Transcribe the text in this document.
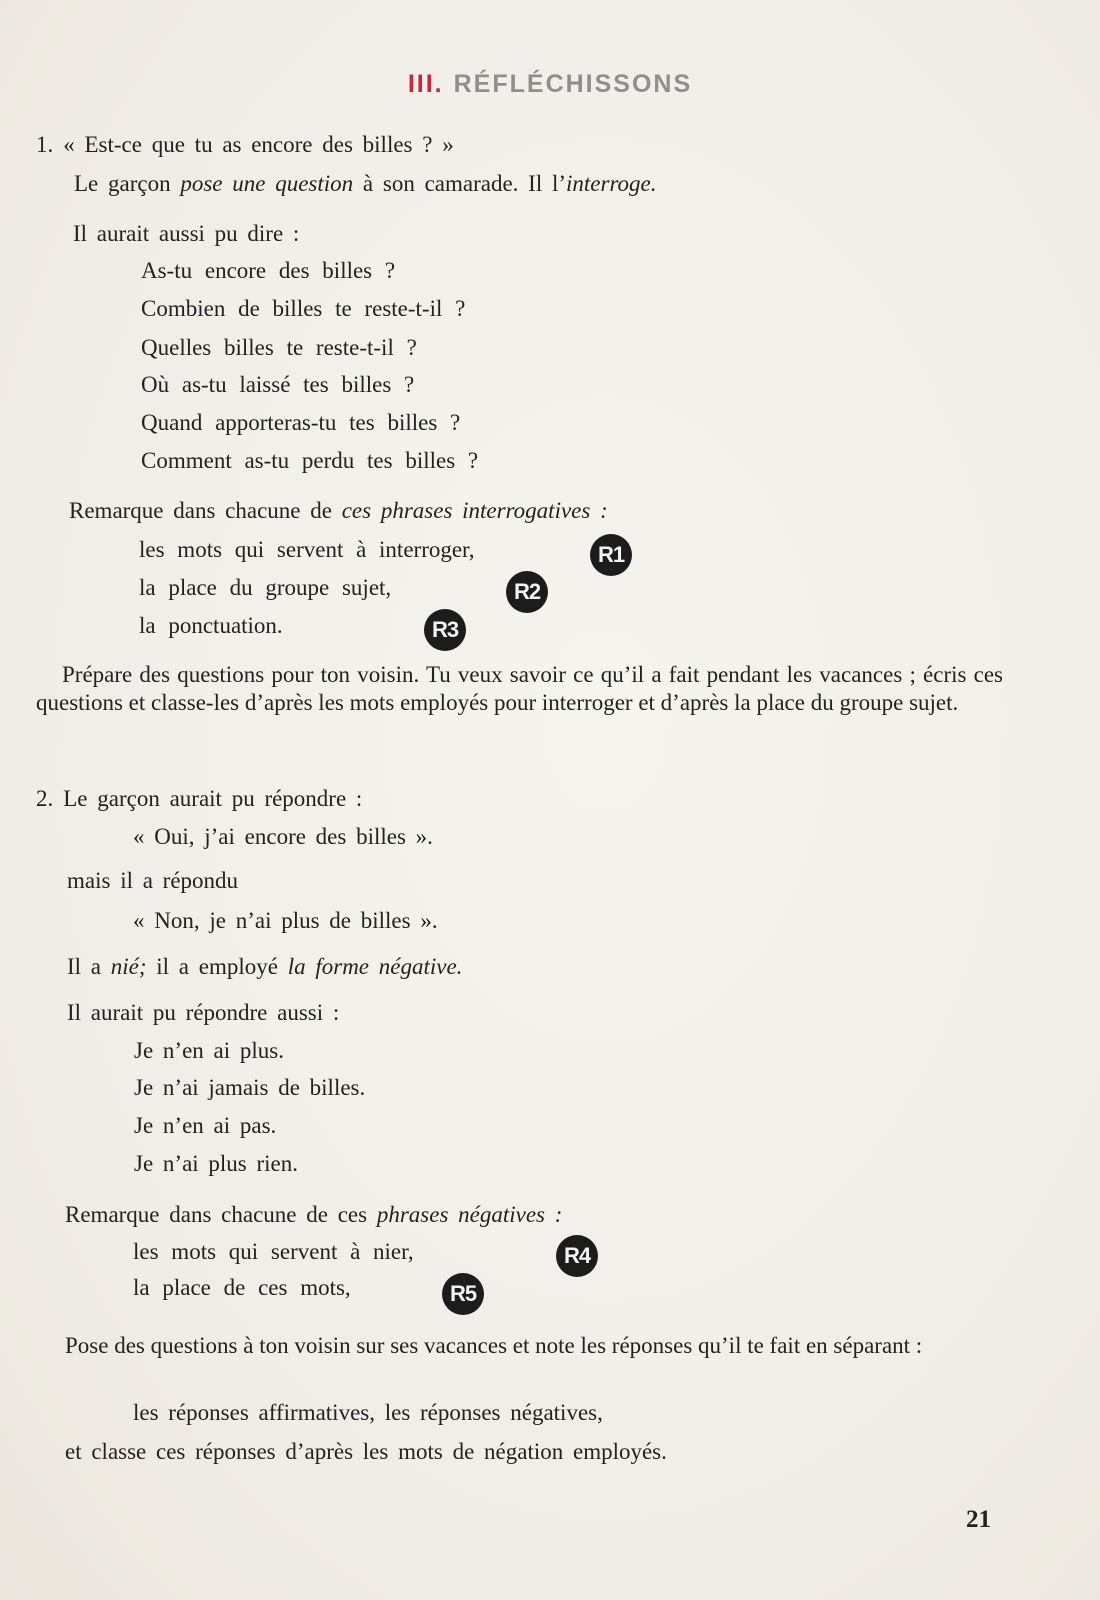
III. RÉFLÉCHISSONS
1. « Est-ce que tu as encore des billes ? »
Le garçon pose une question à son camarade. Il l’interroge.
Il aurait aussi pu dire :
As-tu encore des billes ?
Combien de billes te reste-t-il ?
Quelles billes te reste-t-il ?
Où as-tu laissé tes billes ?
Quand apporteras-tu tes billes ?
Comment as-tu perdu tes billes ?
Remarque dans chacune de ces phrases interrogatives :
les mots qui servent à interroger,	R1
la place du groupe sujet,	R2
la ponctuation.	R3
Prépare des questions pour ton voisin. Tu veux savoir ce qu’il a fait pendant les vacances ; écris ces questions et classe-les d’après les mots employés pour interroger et d’après la place du groupe sujet.
2. Le garçon aurait pu répondre :
« Oui, j’ai encore des billes ».
mais il a répondu
« Non, je n’ai plus de billes ».
Il a nié; il a employé la forme négative.
Il aurait pu répondre aussi :
Je n’en ai plus.
Je n’ai jamais de billes.
Je n’en ai pas.
Je n’ai plus rien.
Remarque dans chacune de ces phrases négatives :
les mots qui servent à nier,	R4
la place de ces mots,	R5
Pose des questions à ton voisin sur ses vacances et note les réponses qu’il te fait en séparant :
les réponses affirmatives, les réponses négatives,
et classe ces réponses d’après les mots de négation employés.
21
